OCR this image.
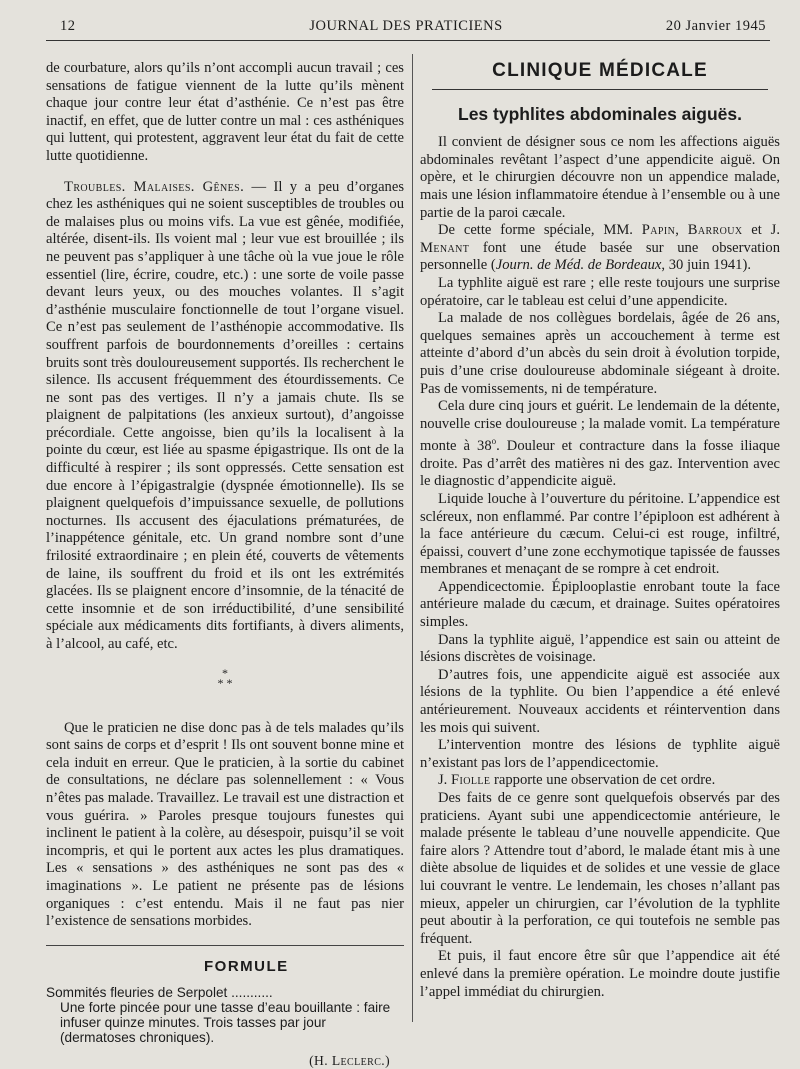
12	JOURNAL DES PRATICIENS	20 Janvier 1945

de courbature, alors qu’ils n’ont accompli aucun travail ; ces sensations de fatigue viennent de la lutte qu’ils mènent chaque jour contre leur état d’asthénie. Ce n’est pas être inactif, en effet, que de lutter contre un mal : ces asthéniques qui luttent, qui protestent, aggravent leur état du fait de cette lutte quotidienne.

Troubles. Malaises. Gênes. — Il y a peu d’organes chez les asthéniques qui ne soient susceptibles de troubles ou de malaises plus ou moins vifs. La vue est gênée, modifiée, altérée, disent-ils. Ils voient mal ; leur vue est brouillée ; ils ne peuvent pas s’appliquer à une tâche où la vue joue le rôle essentiel (lire, écrire, coudre, etc.) : une sorte de voile passe devant leurs yeux, ou des mouches volantes. Il s’agit d’asthénie musculaire fonctionnelle de tout l’organe visuel. Ce n’est pas seulement de l’asthénopie accommodative. Ils souffrent parfois de bourdonnements d’oreilles : certains bruits sont très douloureusement supportés. Ils recherchent le silence. Ils accusent fréquemment des étourdissements. Ce ne sont pas des vertiges. Il n’y a jamais chute. Ils se plaignent de palpitations (les anxieux surtout), d’angoisse précordiale. Cette angoisse, bien qu’ils la localisent à la pointe du cœur, est liée au spasme épigastrique. Ils ont de la difficulté à respirer ; ils sont oppressés. Cette sensation est due encore à l’épigastralgie (dyspnée émotionnelle). Ils se plaignent quelquefois d’impuissance sexuelle, de pollutions nocturnes. Ils accusent des éjaculations prématurées, de l’inappétence génitale, etc. Un grand nombre sont d’une frilosité extraordinaire ; en plein été, couverts de vêtements de laine, ils souffrent du froid et ils ont les extrémités glacées. Ils se plaignent encore d’insomnie, de la ténacité de cette insomnie et de son irréductibilité, d’une sensibilité spéciale aux médicaments dits fortifiants, à divers aliments, à l’alcool, au café, etc.

*
* *

Que le praticien ne dise donc pas à de tels malades qu’ils sont sains de corps et d’esprit ! Ils ont souvent bonne mine et cela induit en erreur. Que le praticien, à la sortie du cabinet de consultations, ne déclare pas solennellement : « Vous n’êtes pas malade. Travaillez. Le travail est une distraction et vous guérira. » Paroles presque toujours funestes qui inclinent le patient à la colère, au désespoir, puisqu’il se voit incompris, et qui le portent aux actes les plus dramatiques. Les « sensations » des asthéniques ne sont pas des « imaginations ». Le patient ne présente pas de lésions organiques : c’est entendu. Mais il ne faut pas nier l’existence de sensations morbides.

FORMULE
Sommités fleuries de Serpolet ...........
Une forte pincée pour une tasse d’eau bouillante : faire infuser quinze minutes. Trois tasses par jour (dermatoses chroniques).
(H. Leclerc.)
CLINIQUE MÉDICALE
Les typhlites abdominales aiguës.

Il convient de désigner sous ce nom les affections aiguës abdominales revêtant l’aspect d’une appendicite aiguë. On opère, et le chirurgien découvre non un appendice malade, mais une lésion inflammatoire étendue à l’ensemble ou à une partie de la paroi cæcale.

De cette forme spéciale, MM. Papin, Barroux et J. Menant font une étude basée sur une observation personnelle (Journ. de Méd. de Bordeaux, 30 juin 1941).

La typhlite aiguë est rare ; elle reste toujours une surprise opératoire, car le tableau est celui d’une appendicite.

La malade de nos collègues bordelais, âgée de 26 ans, quelques semaines après un accouchement à terme est atteinte d’abord d’un abcès du sein droit à évolution torpide, puis d’une crise douloureuse abdominale siégeant à droite. Pas de vomissements, ni de température.

Cela dure cinq jours et guérit. Le lendemain de la détente, nouvelle crise douloureuse ; la malade vomit. La température monte à 38$^o$. Douleur et contracture dans la fosse iliaque droite. Pas d’arrêt des matières ni des gaz. Intervention avec le diagnostic d’appendicite aiguë.

Liquide louche à l’ouverture du péritoine. L’appendice est scléreux, non enflammé. Par contre l’épiploon est adhérent à la face antérieure du cæcum. Celui-ci est rouge, infiltré, épaissi, couvert d’une zone ecchymotique tapissée de fausses membranes et menaçant de se rompre à cet endroit.

Appendicectomie. Épiplooplastie enrobant toute la face antérieure malade du cæcum, et drainage. Suites opératoires simples.

Dans la typhlite aiguë, l’appendice est sain ou atteint de lésions discrètes de voisinage.

D’autres fois, une appendicite aiguë est associée aux lésions de la typhlite. Ou bien l’appendice a été enlevé antérieurement. Nouveaux accidents et réintervention dans les mois qui suivent.

L’intervention montre des lésions de typhlite aiguë n’existant pas lors de l’appendicectomie.

J. Fiolle rapporte une observation de cet ordre.

Des faits de ce genre sont quelquefois observés par des praticiens. Ayant subi une appendicectomie antérieure, le malade présente le tableau d’une nouvelle appendicite. Que faire alors ? Attendre tout d’abord, le malade étant mis à une diète absolue de liquides et de solides et une vessie de glace lui couvrant le ventre. Le lendemain, les choses n’allant pas mieux, appeler un chirurgien, car l’évolution de la typhlite peut aboutir à la perforation, ce qui toutefois ne semble pas fréquent.

Et puis, il faut encore être sûr que l’appendice ait été enlevé dans la première opération. Le moindre doute justifie l’appel immédiat du chirurgien.
